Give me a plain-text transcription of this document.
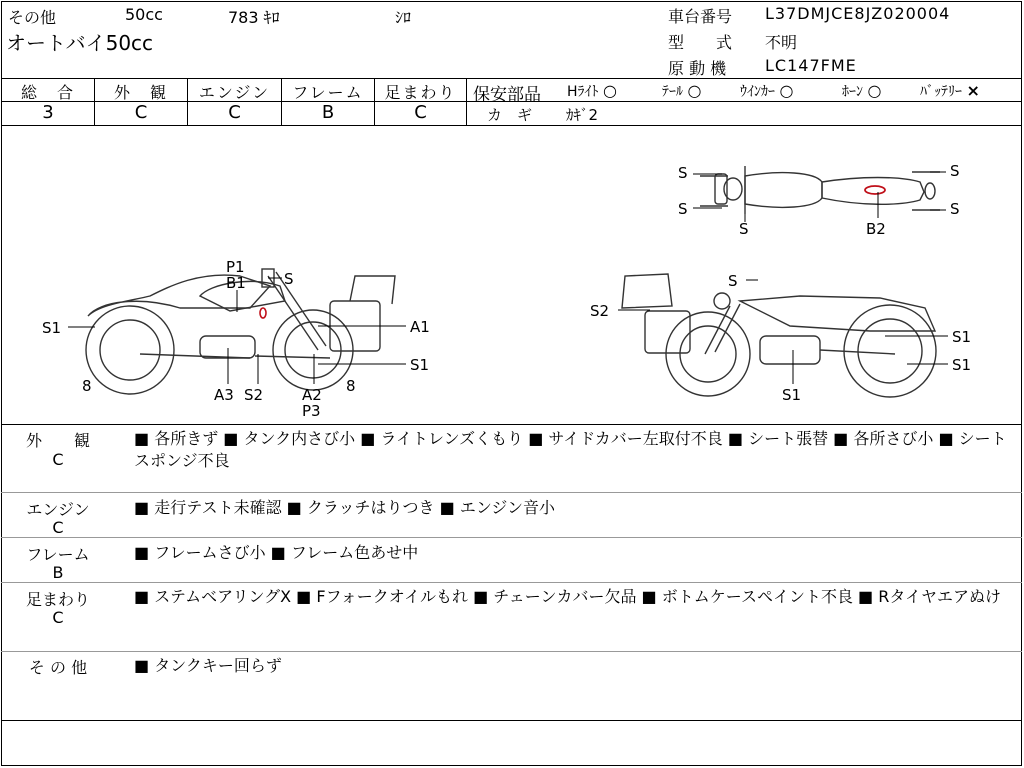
その他	50cc	783 ｷﾛ	ｼﾛ
オートバイ50cc
車台番号 L37DMJCE8JZ020004
型　　式 不明
原 動 機 LC147FME
総　合	外　観	エンジン	フレーム	足まわり
3	C	C	B	C
保安部品 Hﾗｲﾄ ○	ﾃｰﾙ ○	ｳｲﾝｶｰ ○	ﾎｰﾝ ○	ﾊﾞｯﾃﾘｰ ×
カ　ギ ｶｷﾞ2
S
S
S
S
S
B2
P1
B1	S
S1	A1
S1
8	8
A3 S2	A2
P3
S
S2
S1
S1
S1
外　　観
C
■ 各所きず ■ タンク内さび小 ■ ライトレンズくもり ■ サイドカバー左取付不良 ■ シート張替 ■ 各所さび小 ■ シートスポンジ不良
エンジン
C
■ 走行テスト未確認 ■ クラッチはりつき ■ エンジン音小
フレーム
B
■ フレームさび小 ■ フレーム色あせ中
足まわり
C
■ ステムベアリングX ■ Fフォークオイルもれ ■ チェーンカバー欠品 ■ ボトムケースペイント不良 ■ Rタイヤエアぬけ
そ の 他	■ タンクキー回らず
